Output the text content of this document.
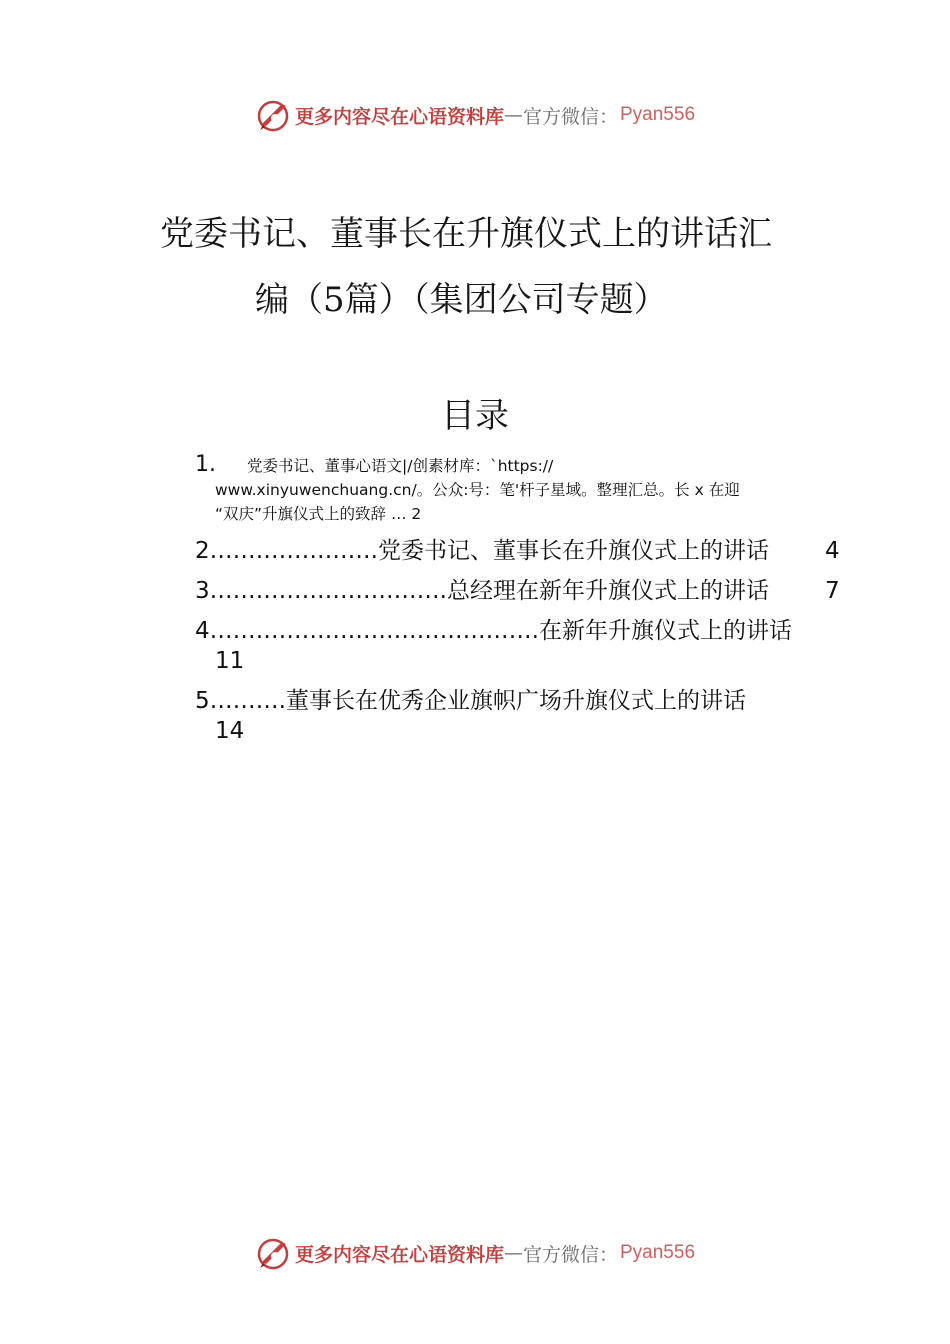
更多内容尽在心语资料库 — 官方微信： Pyan556
党委书记、董事长在升旗仪式上的讲话汇
编（5篇）（集团公司专题）
目录
1. 党委书记、董事心语文|/创素材库：`https://
www.xinyuwenchuang.cn/。公众:号：笔'杆子星域。整理汇总。长 x 在迎
“双庆”升旗仪式上的致辞 … 2
2………………….党委书记、董事长在升旗仪式上的讲话 4
3………………………….总经理在新年升旗仪式上的讲话 7
4…………………………………….在新年升旗仪式上的讲话
11
5……….董事长在优秀企业旗帜广场升旗仪式上的讲话
14
更多内容尽在心语资料库 — 官方微信： Pyan556
